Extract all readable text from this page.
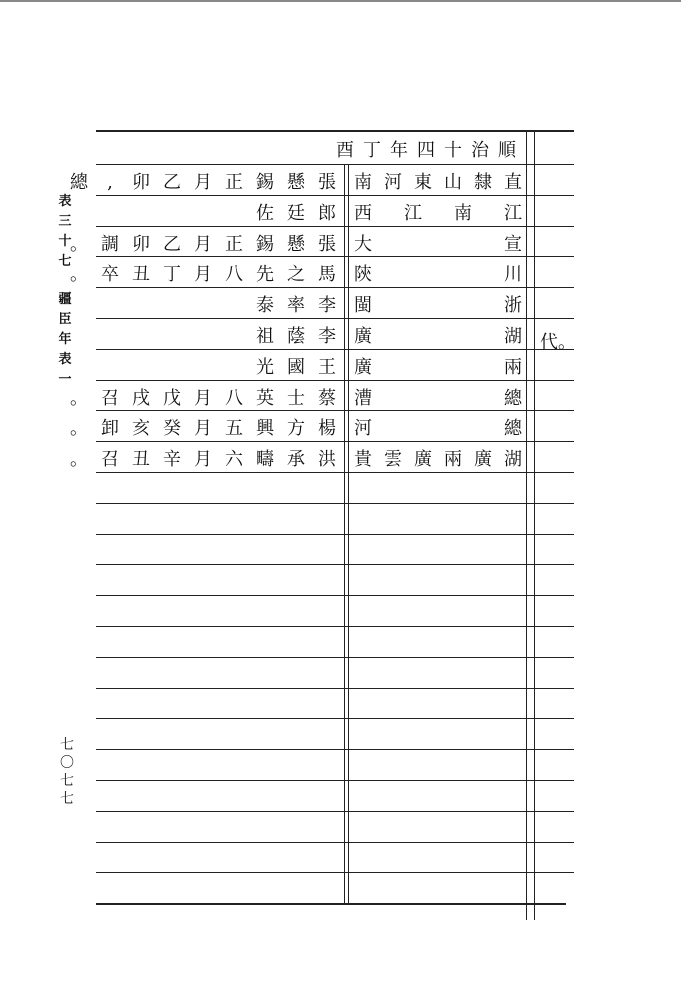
表
三
十
七
疆
臣
年
表
一
七
〇
七
七
順
治
十
四
年
丁
酉
代。
直
隸
山
東
河
南
張
懸
錫
正
月
乙
卯
,
總
江
南
江
西
郎
廷
佐
宣
大
張
懸
錫
正
月
乙
卯
調
。
川
陝
馬
之
先
八
月
丁
丑
卒
。
浙
閩
李
率
泰
湖
廣
李
蔭
祖
兩
廣
王
國
光
總
漕
蔡
士
英
八
月
戊
戌
召
。
總
河
楊
方
興
五
月
癸
亥
卸
。
湖
廣
兩
廣
雲
貴
洪
承
疇
六
月
辛
丑
召
。
